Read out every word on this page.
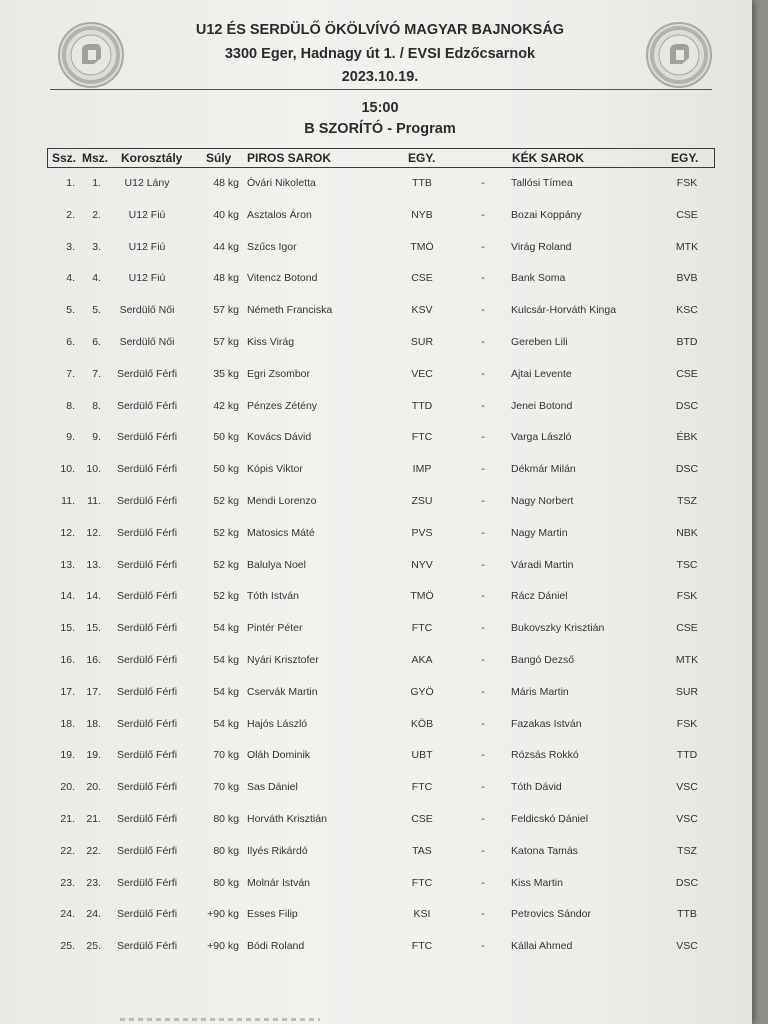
U12 ÉS SERDÜLŐ ÖKÖLVÍVÓ MAGYAR BAJNOKSÁG
3300 Eger, Hadnagy út 1. / EVSI Edzőcsarnok
2023.10.19.
15:00
B SZORÍTÓ - Program
Ssz. Msz. Korosztály Súly PIROS SAROK	EGY.	KÉK SAROK	EGY.
1.	1.	U12 Lány	48 kg Óvári Nikoletta	TTB	-	Tallósi Tímea	FSK
2.	2.	U12 Fiú	40 kg Asztalos Áron	NYB	-	Bozai Koppány	CSE
3.	3.	U12 Fiú	44 kg Szűcs Igor	TMÖ	-	Virág Roland	MTK
4.	4.	U12 Fiú	48 kg Vitencz Botond	CSE	-	Bank Soma	BVB
5.	5.	Serdülő Női	57 kg Németh Franciska	KSV	-	Kulcsár-Horváth Kinga	KSC
6.	6.	Serdülő Női	57 kg Kiss Virág	SUR	-	Gereben Lili	BTD
7.	7.	Serdülő Férfi	35 kg Egri Zsombor	VEC	-	Ajtai Levente	CSE
8.	8.	Serdülő Férfi	42 kg Pénzes Zétény	TTD	-	Jenei Botond	DSC
9.	9.	Serdülő Férfi	50 kg Kovács Dávid	FTC	-	Varga László	ÉBK
10.	10.	Serdülő Férfi	50 kg Kópis Viktor	IMP	-	Dékmár Milán	DSC
11.	11.	Serdülő Férfi	52 kg Mendi Lorenzo	ZSU	-	Nagy Norbert	TSZ
12.	12.	Serdülő Férfi	52 kg Matosics Máté	PVS	-	Nagy Martin	NBK
13.	13.	Serdülő Férfi	52 kg Balulya Noel	NYV	-	Váradi Martin	TSC
14.	14.	Serdülő Férfi	52 kg Tóth István	TMÖ	-	Rácz Dániel	FSK
15.	15.	Serdülő Férfi	54 kg Pintér Péter	FTC	-	Bukovszky Krisztián	CSE
16.	16.	Serdülő Férfi	54 kg Nyári Krisztofer	AKA	-	Bangó Dezső	MTK
17.	17.	Serdülő Férfi	54 kg Cservák Martin	GYÖ	-	Máris Martin	SUR
18.	18.	Serdülő Férfi	54 kg Hajós László	KÖB	-	Fazakas István	FSK
19.	19.	Serdülő Férfi	70 kg Oláh Dominik	UBT	-	Rózsás Rokkó	TTD
20.	20.	Serdülő Férfi	70 kg Sas Dániel	FTC	-	Tóth Dávid	VSC
21.	21.	Serdülő Férfi	80 kg Horváth Krisztián	CSE	-	Feldicskó Dániel	VSC
22.	22.	Serdülő Férfi	80 kg Ilyés Rikárdó	TAS	-	Katona Tamás	TSZ
23.	23.	Serdülő Férfi	80 kg Molnár István	FTC	-	Kiss Martin	DSC
24.	24.	Serdülő Férfi	+90 kg Esses Filip	KSI	-	Petrovics Sándor	TTB
25.	25.	Serdülő Férfi	+90 kg Bódi Roland	FTC	-	Kállai Ahmed	VSC
